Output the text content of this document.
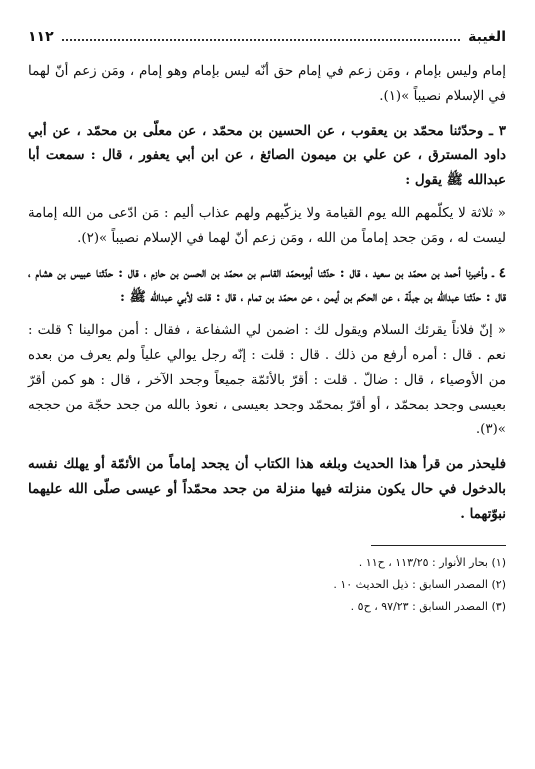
الغيبة
١١٢

إمام وليس بإمام ، ومَن زعم في إمام حق أنّه ليس بإمام وهو إمام ، ومَن زعم أنّ لهما في الإسلام نصيباً »(١).

٣ ـ وحدّثنا محمّد بن يعقوب ، عن الحسين بن محمّد ، عن معلّى بن محمّد ، عن أبي داود المسترق ، عن علي بن ميمون الصائغ ، عن ابن أبي يعفور ، قال : سمعت أبا عبدالله ﷺ يقول :

« ثلاثة لا يكلّمهم الله يوم القيامة ولا يزكّيهم ولهم عذاب أليم : مَن ادّعى من الله إمامة ليست له ، ومَن جحد إماماً من الله ، ومَن زعم أنّ لهما في الإسلام نصيباً »(٢).

٤ ـ وأخبرنا أحمد بن محمّد بن سعيد ، قال : حدّثنا أبومحمّد القاسم بن محمّد بن الحسن بن حازم ، قال : حدّثنا عبيس بن هشام ، قال : حدّثنا عبدالله بن جبلّة ، عن الحكم بن أيمن ، عن محمّد بن تمام ، قال : قلت لأبي عبدالله ﷺ :

« إنّ فلاناً يقرئك السلام ويقول لك : اضمن لي الشفاعة ، فقال : أمن موالينا ؟ قلت : نعم . قال : أمره أرفع من ذلك . قال : قلت : إنّه رجل يوالي علياً ولم يعرف من بعده من الأوصياء ، قال : ضالّ . قلت : أقرّ بالأئمّة جميعاً وجحد الآخر ، قال : هو كمن أقرّ بعيسى وجحد بمحمّد ، أو أقرّ بمحمّد وجحد بعيسى ، نعوذ بالله من جحد حجّة من حججه »(٣).

فليحذر من قرأ هذا الحديث وبلغه هذا الكتاب أن يجحد إماماً من الأئمّة أو يهلك نفسه بالدخول في حال يكون منزلته فيها منزلة من جحد محمّداً أو عيسى صلّى الله عليهما نبوّتهما .

(١) بحار الأنوار : ١١٣/٢٥ ، ح١١ .

(٢) المصدر السابق : ذيل الحديث ١٠ .

(٣) المصدر السابق : ٩٧/٢٣ ، ح٥ .
